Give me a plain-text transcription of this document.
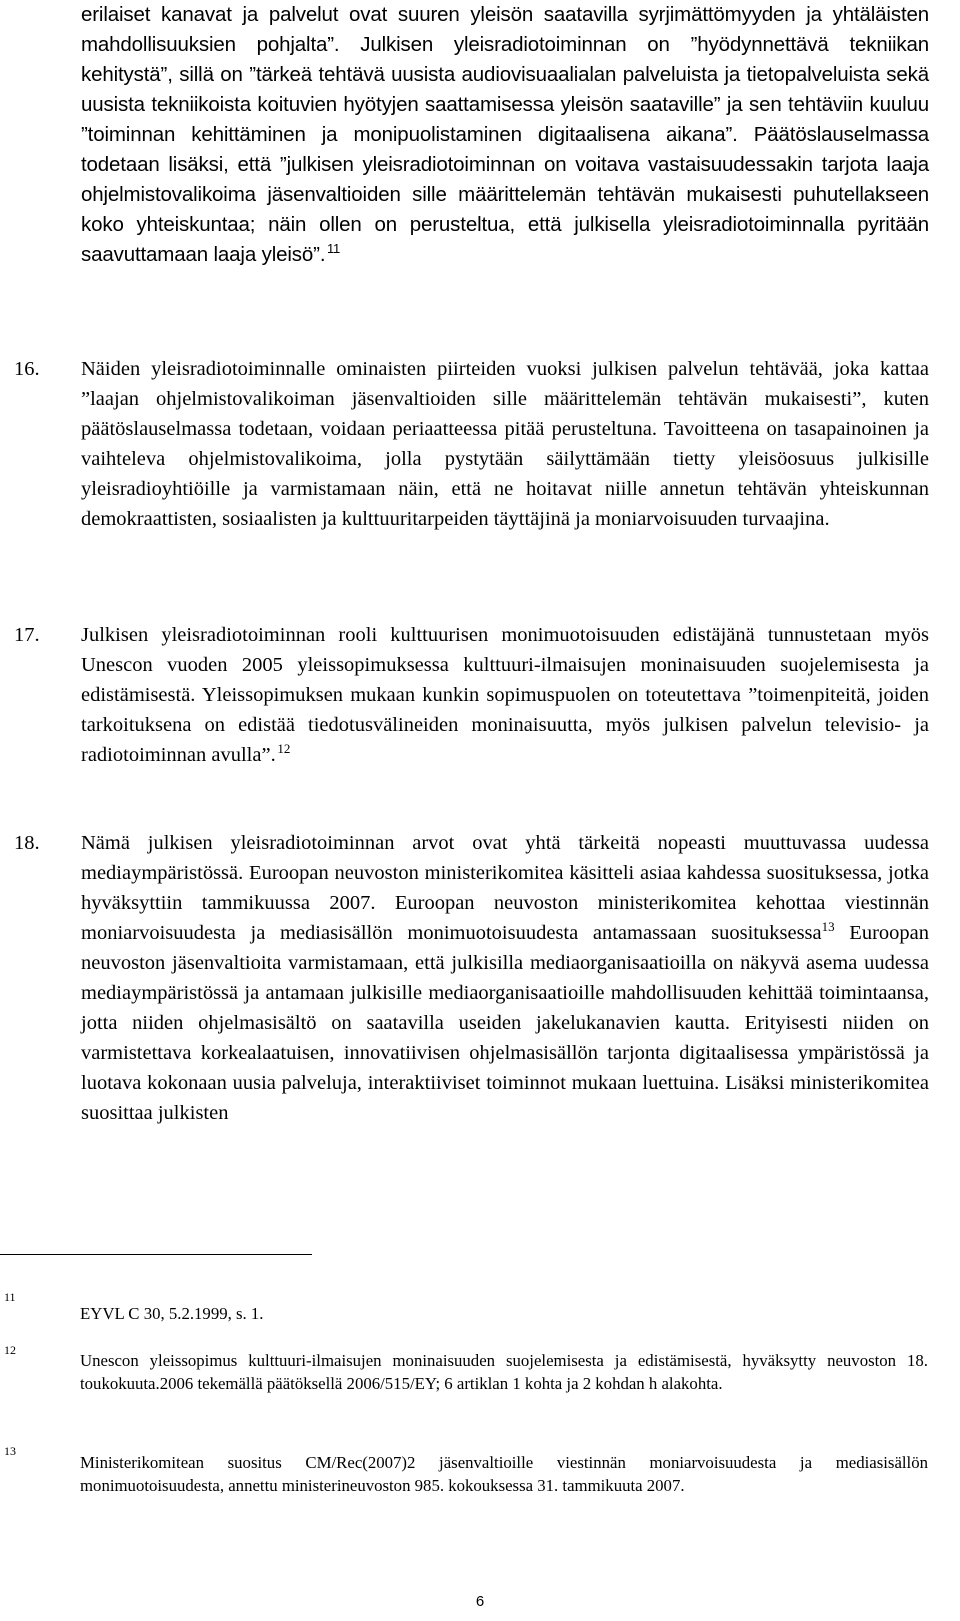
erilaiset kanavat ja palvelut ovat suuren yleisön saatavilla syrjimättömyyden ja yhtäläisten mahdollisuuksien pohjalta”. Julkisen yleisradiotoiminnan on ”hyödynnettävä tekniikan kehitystä”, sillä on ”tärkeä tehtävä uusista audiovisuaalialan palveluista ja tietopalveluista sekä uusista tekniikoista koituvien hyötyjen saattamisessa yleisön saataville” ja sen tehtäviin kuuluu ”toiminnan kehittäminen ja monipuolistaminen digitaalisena aikana”. Päätöslauselmassa todetaan lisäksi, että ”julkisen yleisradiotoiminnan on voitava vastaisuudessakin tarjota laaja ohjelmistovalikoima jäsenvaltioiden sille määrittelemän tehtävän mukaisesti puhutellakseen koko yhteiskuntaa; näin ollen on perusteltua, että julkisella yleisradiotoiminnalla pyritään saavuttamaan laaja yleisö”.  $^{11}$

16. Näiden yleisradiotoiminnalle ominaisten piirteiden vuoksi julkisen palvelun tehtävää, joka kattaa ”laajan ohjelmistovalikoiman jäsenvaltioiden sille määrittelemän tehtävän mukaisesti”, kuten päätöslauselmassa todetaan, voidaan periaatteessa pitää perusteltuna. Tavoitteena on tasapainoinen ja vaihteleva ohjelmistovalikoima, jolla pystytään säilyttämään tietty yleisöosuus julkisille yleisradioyhtiöille ja varmistamaan näin, että ne hoitavat niille annetun tehtävän yhteiskunnan demokraattisten, sosiaalisten ja kulttuuritarpeiden täyttäjinä ja moniarvoisuuden turvaajina.

17. Julkisen yleisradiotoiminnan rooli kulttuurisen monimuotoisuuden edistäjänä tunnustetaan myös Unescon vuoden 2005 yleissopimuksessa kulttuuri-ilmaisujen moninaisuuden suojelemisesta ja edistämisestä. Yleissopimuksen mukaan kunkin sopimuspuolen on toteutettava ”toimenpiteitä, joiden tarkoituksena on edistää tiedotusvälineiden moninaisuutta, myös julkisen palvelun televisio- ja radiotoiminnan avulla”.  $^{12}$

18. Nämä julkisen yleisradiotoiminnan arvot ovat yhtä tärkeitä nopeasti muuttuvassa uudessa mediaympäristössä. Euroopan neuvoston ministerikomitea käsitteli asiaa kahdessa suosituksessa, jotka hyväksyttiin tammikuussa 2007. Euroopan neuvoston ministerikomitea kehottaa viestinnän moniarvoisuudesta ja mediasisällön monimuotoisuudesta antamassaan suosituksessa$^{13}$ Euroopan neuvoston jäsenvaltioita varmistamaan, että julkisilla mediaorganisaatioilla on näkyvä asema uudessa mediaympäristössä ja antamaan julkisille mediaorganisaatioille mahdollisuuden kehittää toimintaansa, jotta niiden ohjelmasisältö on saatavilla useiden jakelukanavien kautta. Erityisesti niiden on varmistettava korkealaatuisen, innovatiivisen ohjelmasisällön tarjonta digitaalisessa ympäristössä ja luotava kokonaan uusia palveluja, interaktiiviset toiminnot mukaan luettuina. Lisäksi ministerikomitea suosittaa julkisten

11

EYVL C 30, 5.2.1999, s. 1.

12

Unescon yleissopimus kulttuuri-ilmaisujen moninaisuuden suojelemisesta ja edistämisestä, hyväksytty neuvoston 18. toukokuuta.2006 tekemällä päätöksellä 2006/515/EY; 6 artiklan 1 kohta ja 2 kohdan h alakohta.

13

Ministerikomitean suositus CM/Rec(2007)2 jäsenvaltioille viestinnän moniarvoisuudesta ja mediasisällön monimuotoisuudesta, annettu ministerineuvoston 985. kokouksessa 31. tammikuuta 2007.

6
